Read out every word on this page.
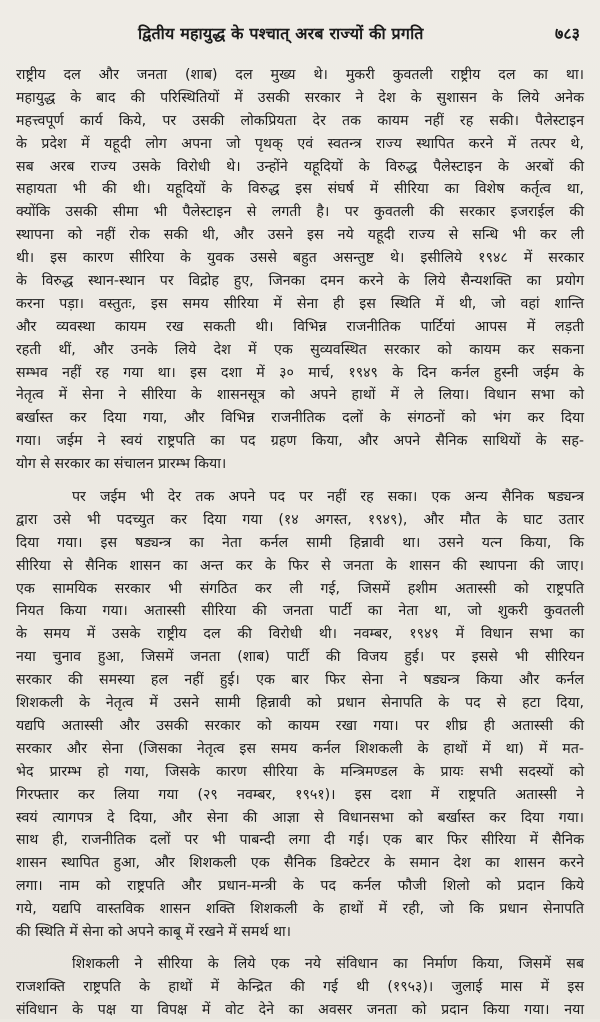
द्वितीय महायुद्ध के पश्चात् अरब राज्यों की प्रगति	७८३

राष्ट्रीय दल और जनता (शाब) दल मुख्य थे। मुकरी कुवतली राष्ट्रीय दल का था।
महायुद्ध के बाद की परिस्थितियों में उसकी सरकार ने देश के सुशासन के लिये अनेक
महत्त्वपूर्ण कार्य किये, पर उसकी लोकप्रियता देर तक कायम नहीं रह सकी। पैलेस्टाइन
के प्रदेश में यहूदी लोग अपना जो पृथक् एवं स्वतन्त्र राज्य स्थापित करने में तत्पर थे,
सब अरब राज्य उसके विरोधी थे। उन्होंने यहूदियों के विरुद्ध पैलेस्टाइन के अरबों की
सहायता भी की थी। यहूदियों के विरुद्ध इस संघर्ष में सीरिया का विशेष कर्तृत्व था,
क्योंकि उसकी सीमा भी पैलेस्टाइन से लगती है। पर कुवतली की सरकार इजराईल की
स्थापना को नहीं रोक सकी थी, और उसने इस नये यहूदी राज्य से सन्धि भी कर ली
थी। इस कारण सीरिया के युवक उससे बहुत असन्तुष्ट थे। इसीलिये १९४८ में सरकार
के विरुद्ध स्थान-स्थान पर विद्रोह हुए, जिनका दमन करने के लिये सैन्यशक्ति का प्रयोग
करना पड़ा। वस्तुतः, इस समय सीरिया में सेना ही इस स्थिति में थी, जो वहां शान्ति
और व्यवस्था कायम रख सकती थी। विभिन्न राजनीतिक पार्टियां आपस में लड़ती
रहती थीं, और उनके लिये देश में एक सुव्यवस्थित सरकार को कायम कर सकना
सम्भव नहीं रह गया था। इस दशा में ३० मार्च, १९४९ के दिन कर्नल हुस्नी जईम के
नेतृत्व में सेना ने सीरिया के शासनसूत्र को अपने हाथों में ले लिया। विधान सभा को
बर्खास्त कर दिया गया, और विभिन्न राजनीतिक दलों के संगठनों को भंग कर दिया
गया। जईम ने स्वयं राष्ट्रपति का पद ग्रहण किया, और अपने सैनिक साथियों के सह-
योग से सरकार का संचालन प्रारम्भ किया।

पर जईम भी देर तक अपने पद पर नहीं रह सका। एक अन्य सैनिक षड्यन्त्र
द्वारा उसे भी पदच्युत कर दिया गया (१४ अगस्त, १९४९), और मौत के घाट उतार
दिया गया। इस षड्यन्त्र का नेता कर्नल सामी हिन्नावी था। उसने यत्न किया, कि
सीरिया से सैनिक शासन का अन्त कर के फिर से जनता के शासन की स्थापना की जाए।
एक सामयिक सरकार भी संगठित कर ली गई, जिसमें हशीम अतास्सी को राष्ट्रपति
नियत किया गया। अतास्सी सीरिया की जनता पार्टी का नेता था, जो शुकरी कुवतली
के समय में उसके राष्ट्रीय दल की विरोधी थी। नवम्बर, १९४९ में विधान सभा का
नया चुनाव हुआ, जिसमें जनता (शाब) पार्टी की विजय हुई। पर इससे भी सीरियन
सरकार की समस्या हल नहीं हुई। एक बार फिर सेना ने षड्यन्त्र किया और कर्नल
शिशकली के नेतृत्व में उसने सामी हिन्नावी को प्रधान सेनापति के पद से हटा दिया,
यद्यपि अतास्सी और उसकी सरकार को कायम रखा गया। पर शीघ्र ही अतास्सी की
सरकार और सेना (जिसका नेतृत्व इस समय कर्नल शिशकली के हाथों में था) में मत-
भेद प्रारम्भ हो गया, जिसके कारण सीरिया के मन्त्रिमण्डल के प्रायः सभी सदस्यों को
गिरफ्तार कर लिया गया (२९ नवम्बर, १९५१)। इस दशा में राष्ट्रपति अतास्सी ने
स्वयं त्यागपत्र दे दिया, और सेना की आज्ञा से विधानसभा को बर्खास्त कर दिया गया।
साथ ही, राजनीतिक दलों पर भी पाबन्दी लगा दी गई। एक बार फिर सीरिया में सैनिक
शासन स्थापित हुआ, और शिशकली एक सैनिक डिक्टेटर के समान देश का शासन करने
लगा। नाम को राष्ट्रपति और प्रधान-मन्त्री के पद कर्नल फौजी शिलो को प्रदान किये
गये, यद्यपि वास्तविक शासन शक्ति शिशकली के हाथों में रही, जो कि प्रधान सेनापति
की स्थिति में सेना को अपने काबू में रखने में समर्थ था।

शिशकली ने सीरिया के लिये एक नये संविधान का निर्माण किया, जिसमें सब
राजशक्ति राष्ट्रपति के हाथों में केन्द्रित की गई थी (१९५३)। जुलाई मास में इस
संविधान के पक्ष या विपक्ष में वोट देने का अवसर जनता को प्रदान किया गया। नया
